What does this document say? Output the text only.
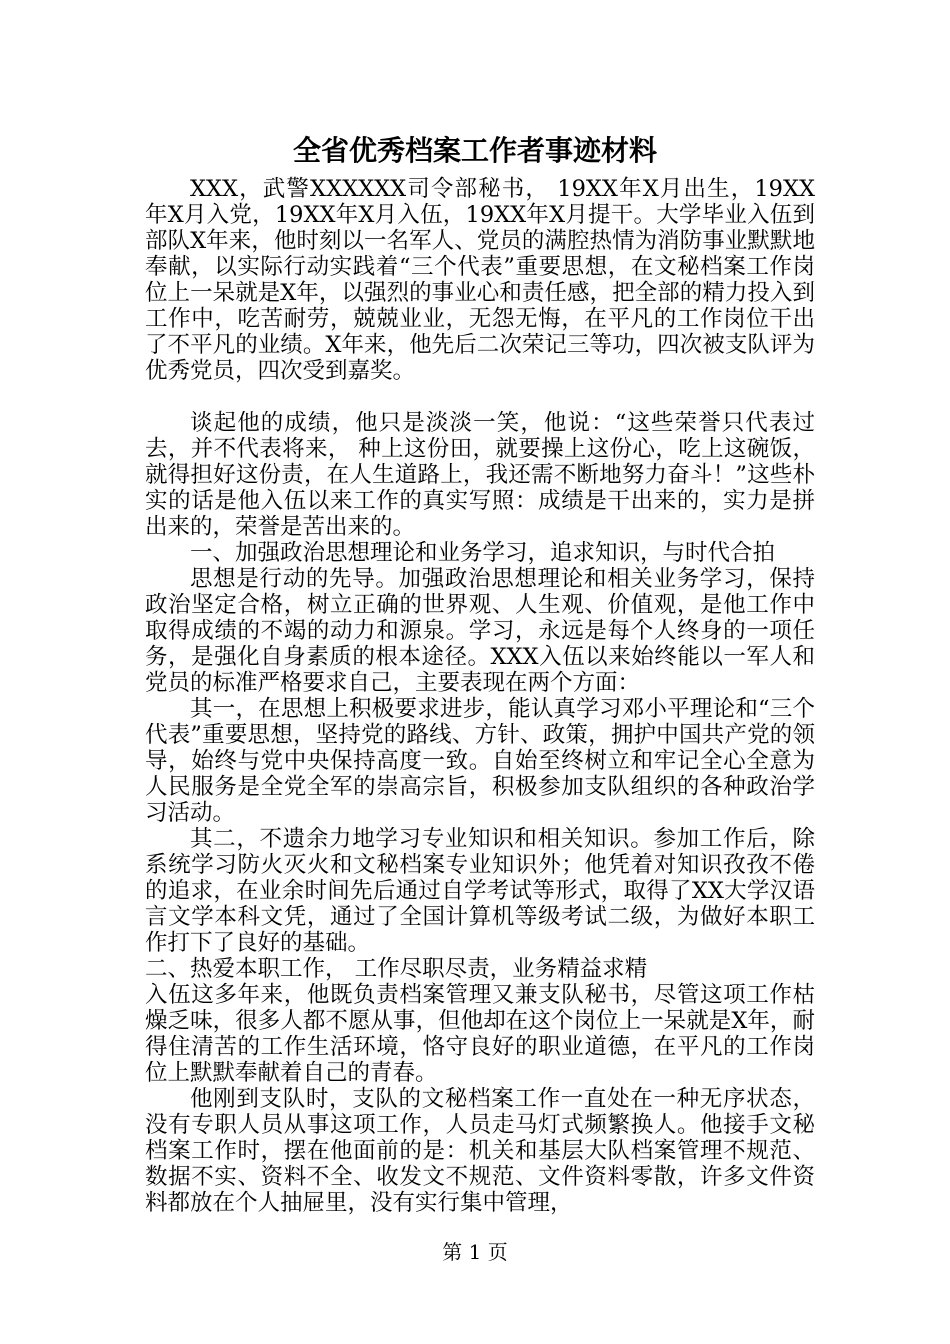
全省优秀档案工作者事迹材料

XXX，武警XXXXXX司令部秘书， 19XX年X月出生，19XX年X月入党，19XX年X月入伍，19XX年X月提干。大学毕业入伍到部队X年来，他时刻以一名军人、党员的满腔热情为消防事业默默地奉献，以实际行动实践着“三个代表”重要思想，在文秘档案工作岗位上一呆就是X年，以强烈的事业心和责任感，把全部的精力投入到工作中，吃苦耐劳，兢兢业业，无怨无悔，在平凡的工作岗位干出了不平凡的业绩。X年来，他先后二次荣记三等功，四次被支队评为优秀党员，四次受到嘉奖。

谈起他的成绩，他只是淡淡一笑，他说：“这些荣誉只代表过去，并不代表将来， 种上这份田，就要操上这份心，吃上这碗饭，就得担好这份责，在人生道路上，我还需不断地努力奋斗！”这些朴实的话是他入伍以来工作的真实写照：成绩是干出来的，实力是拼出来的，荣誉是苦出来的。

一、加强政治思想理论和业务学习，追求知识，与时代合拍

思想是行动的先导。加强政治思想理论和相关业务学习，保持政治坚定合格，树立正确的世界观、人生观、价值观，是他工作中取得成绩的不竭的动力和源泉。学习，永远是每个人终身的一项任务，是强化自身素质的根本途径。XXX入伍以来始终能以一军人和党员的标准严格要求自己，主要表现在两个方面：

其一，在思想上积极要求进步，能认真学习邓小平理论和“三个代表”重要思想，坚持党的路线、方针、政策，拥护中国共产党的领导，始终与党中央保持高度一致。自始至终树立和牢记全心全意为人民服务是全党全军的崇高宗旨，积极参加支队组织的各种政治学习活动。

其二，不遗余力地学习专业知识和相关知识。参加工作后，除系统学习防火灭火和文秘档案专业知识外；他凭着对知识孜孜不倦的追求，在业余时间先后通过自学考试等形式，取得了XX大学汉语言文学本科文凭，通过了全国计算机等级考试二级，为做好本职工作打下了良好的基础。

二、热爱本职工作， 工作尽职尽责，业务精益求精

入伍这多年来，他既负责档案管理又兼支队秘书，尽管这项工作枯燥乏味，很多人都不愿从事，但他却在这个岗位上一呆就是X年，耐得住清苦的工作生活环境，恪守良好的职业道德，在平凡的工作岗位上默默奉献着自己的青春。

他刚到支队时，支队的文秘档案工作一直处在一种无序状态，没有专职人员从事这项工作，人员走马灯式频繁换人。他接手文秘档案工作时，摆在他面前的是：机关和基层大队档案管理不规范、数据不实、资料不全、收发文不规范、文件资料零散，许多文件资料都放在个人抽屉里，没有实行集中管理，

第 1 页
